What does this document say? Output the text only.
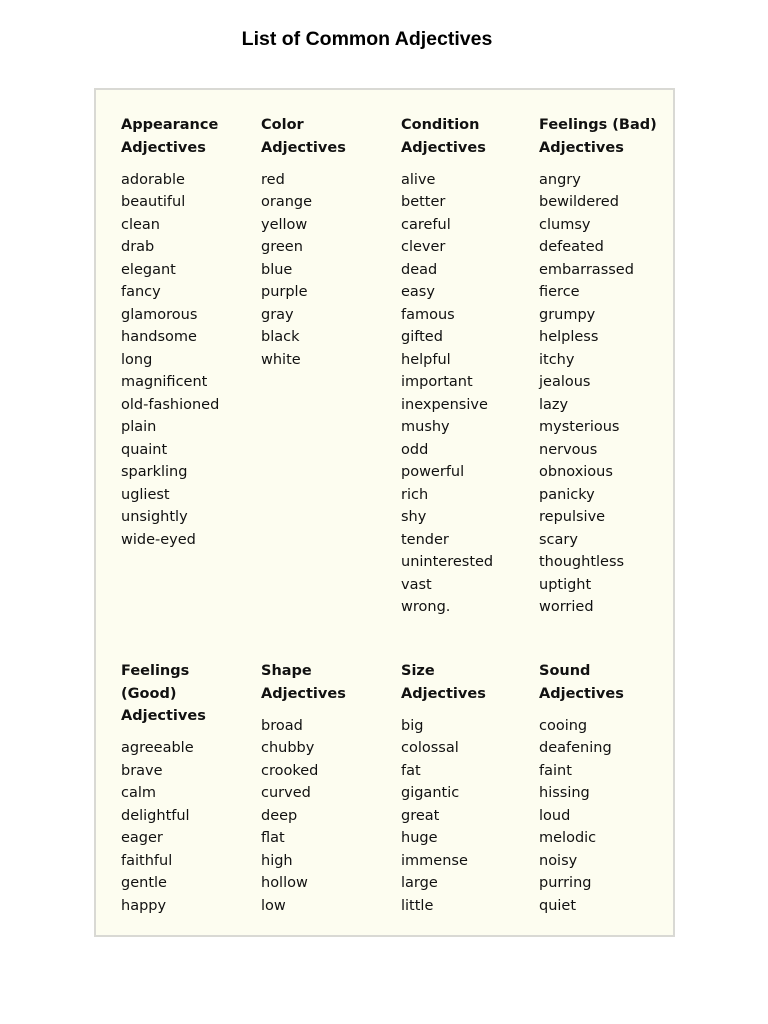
List of Common Adjectives
Appearance
Adjectives
adorable
beautiful
clean
drab
elegant
fancy
glamorous
handsome
long
magnificent
old-fashioned
plain
quaint
sparkling
ugliest
unsightly
wide-eyed
Color
Adjectives
red
orange
yellow
green
blue
purple
gray
black
white
Condition
Adjectives
alive
better
careful
clever
dead
easy
famous
gifted
helpful
important
inexpensive
mushy
odd
powerful
rich
shy
tender
uninterested
vast
wrong.
Feelings (Bad)
Adjectives
angry
bewildered
clumsy
defeated
embarrassed
fierce
grumpy
helpless
itchy
jealous
lazy
mysterious
nervous
obnoxious
panicky
repulsive
scary
thoughtless
uptight
worried
Feelings
(Good)
Adjectives
agreeable
brave
calm
delightful
eager
faithful
gentle
happy
Shape
Adjectives
broad
chubby
crooked
curved
deep
flat
high
hollow
low
Size
Adjectives
big
colossal
fat
gigantic
great
huge
immense
large
little
Sound
Adjectives
cooing
deafening
faint
hissing
loud
melodic
noisy
purring
quiet
